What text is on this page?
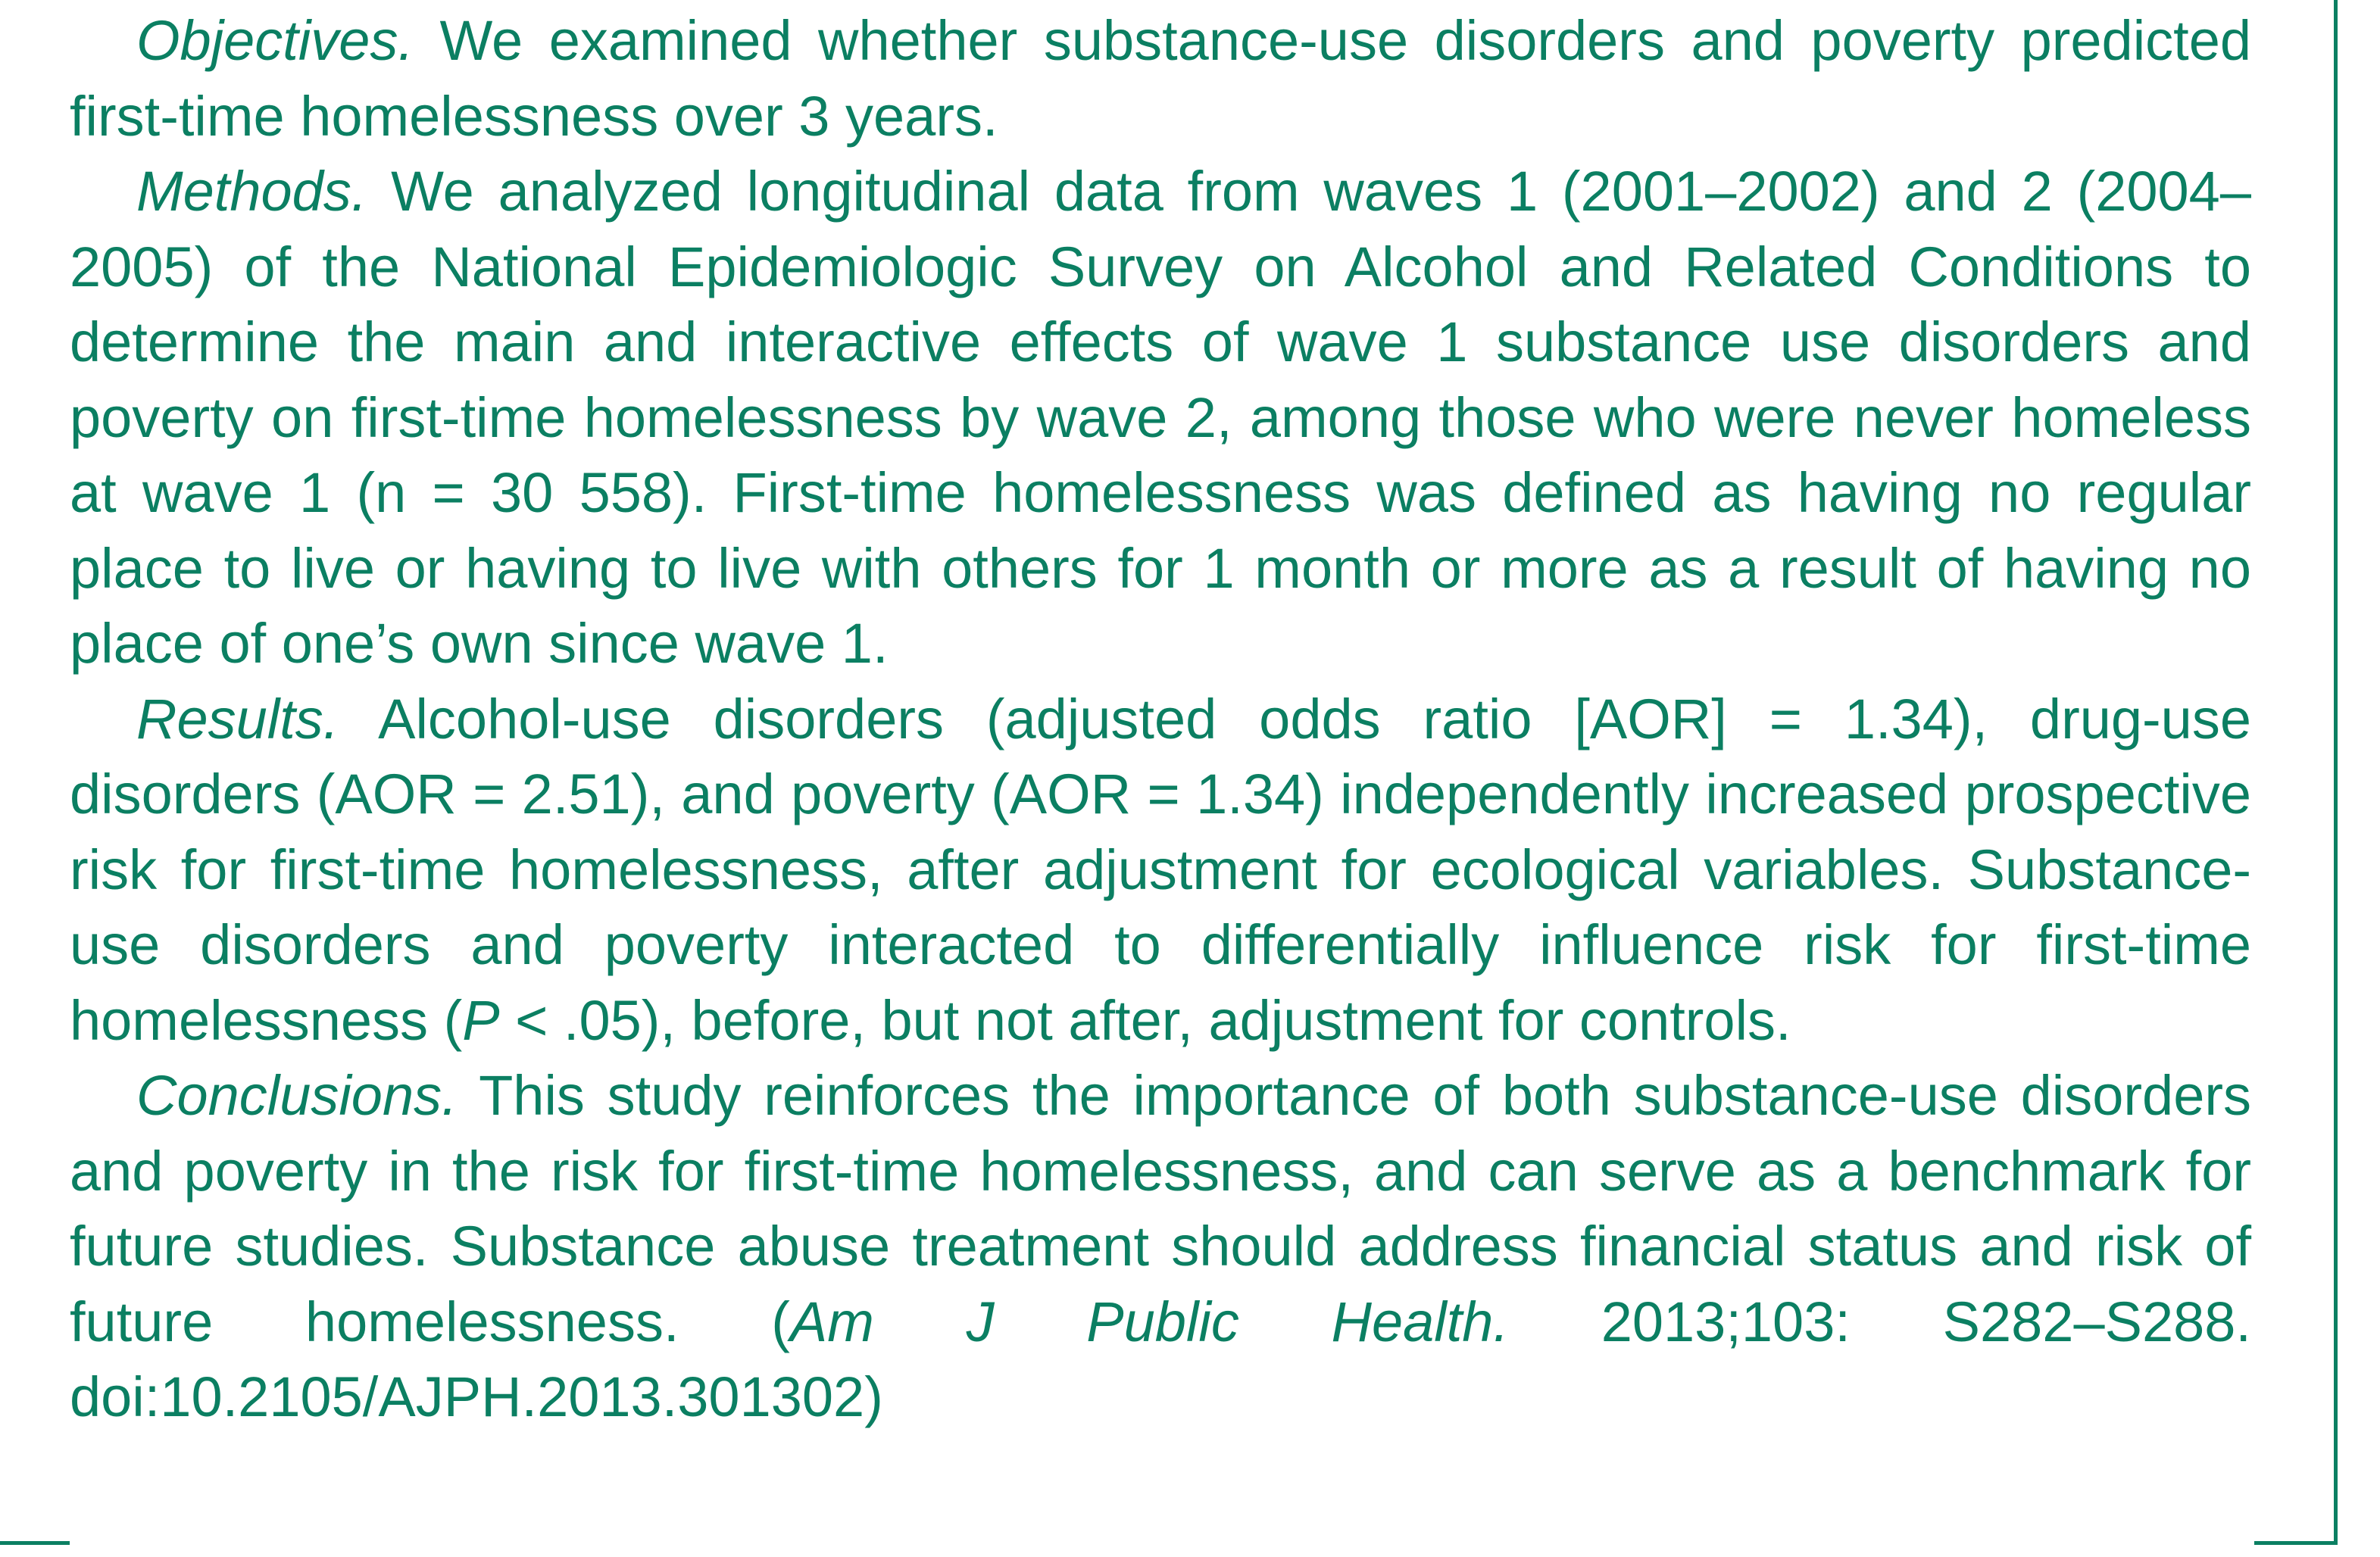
Objectives. We examined whether substance-use disorders and poverty predicted first-time homelessness over 3 years.

Methods. We analyzed longitudinal data from waves 1 (2001–2002) and 2 (2004–2005) of the National Epidemiologic Survey on Alcohol and Related Conditions to determine the main and interactive effects of wave 1 substance use disorders and poverty on first-time homelessness by wave 2, among those who were never homeless at wave 1 (n = 30 558). First-time homelessness was defined as having no regular place to live or having to live with others for 1 month or more as a result of having no place of one’s own since wave 1.

Results. Alcohol-use disorders (adjusted odds ratio [AOR] = 1.34), drug-use disorders (AOR = 2.51), and poverty (AOR = 1.34) independently increased prospective risk for first-time homelessness, after adjustment for ecological variables. Substance-use disorders and poverty interacted to differentially influence risk for first-time homelessness (P < .05), before, but not after, adjustment for controls.

Conclusions. This study reinforces the importance of both substance-use disorders and poverty in the risk for first-time homelessness, and can serve as a benchmark for future studies. Substance abuse treatment should address financial status and risk of future homelessness. (Am J Public Health. 2013;103: S282–S288. doi:10.2105/AJPH.2013.301302)
